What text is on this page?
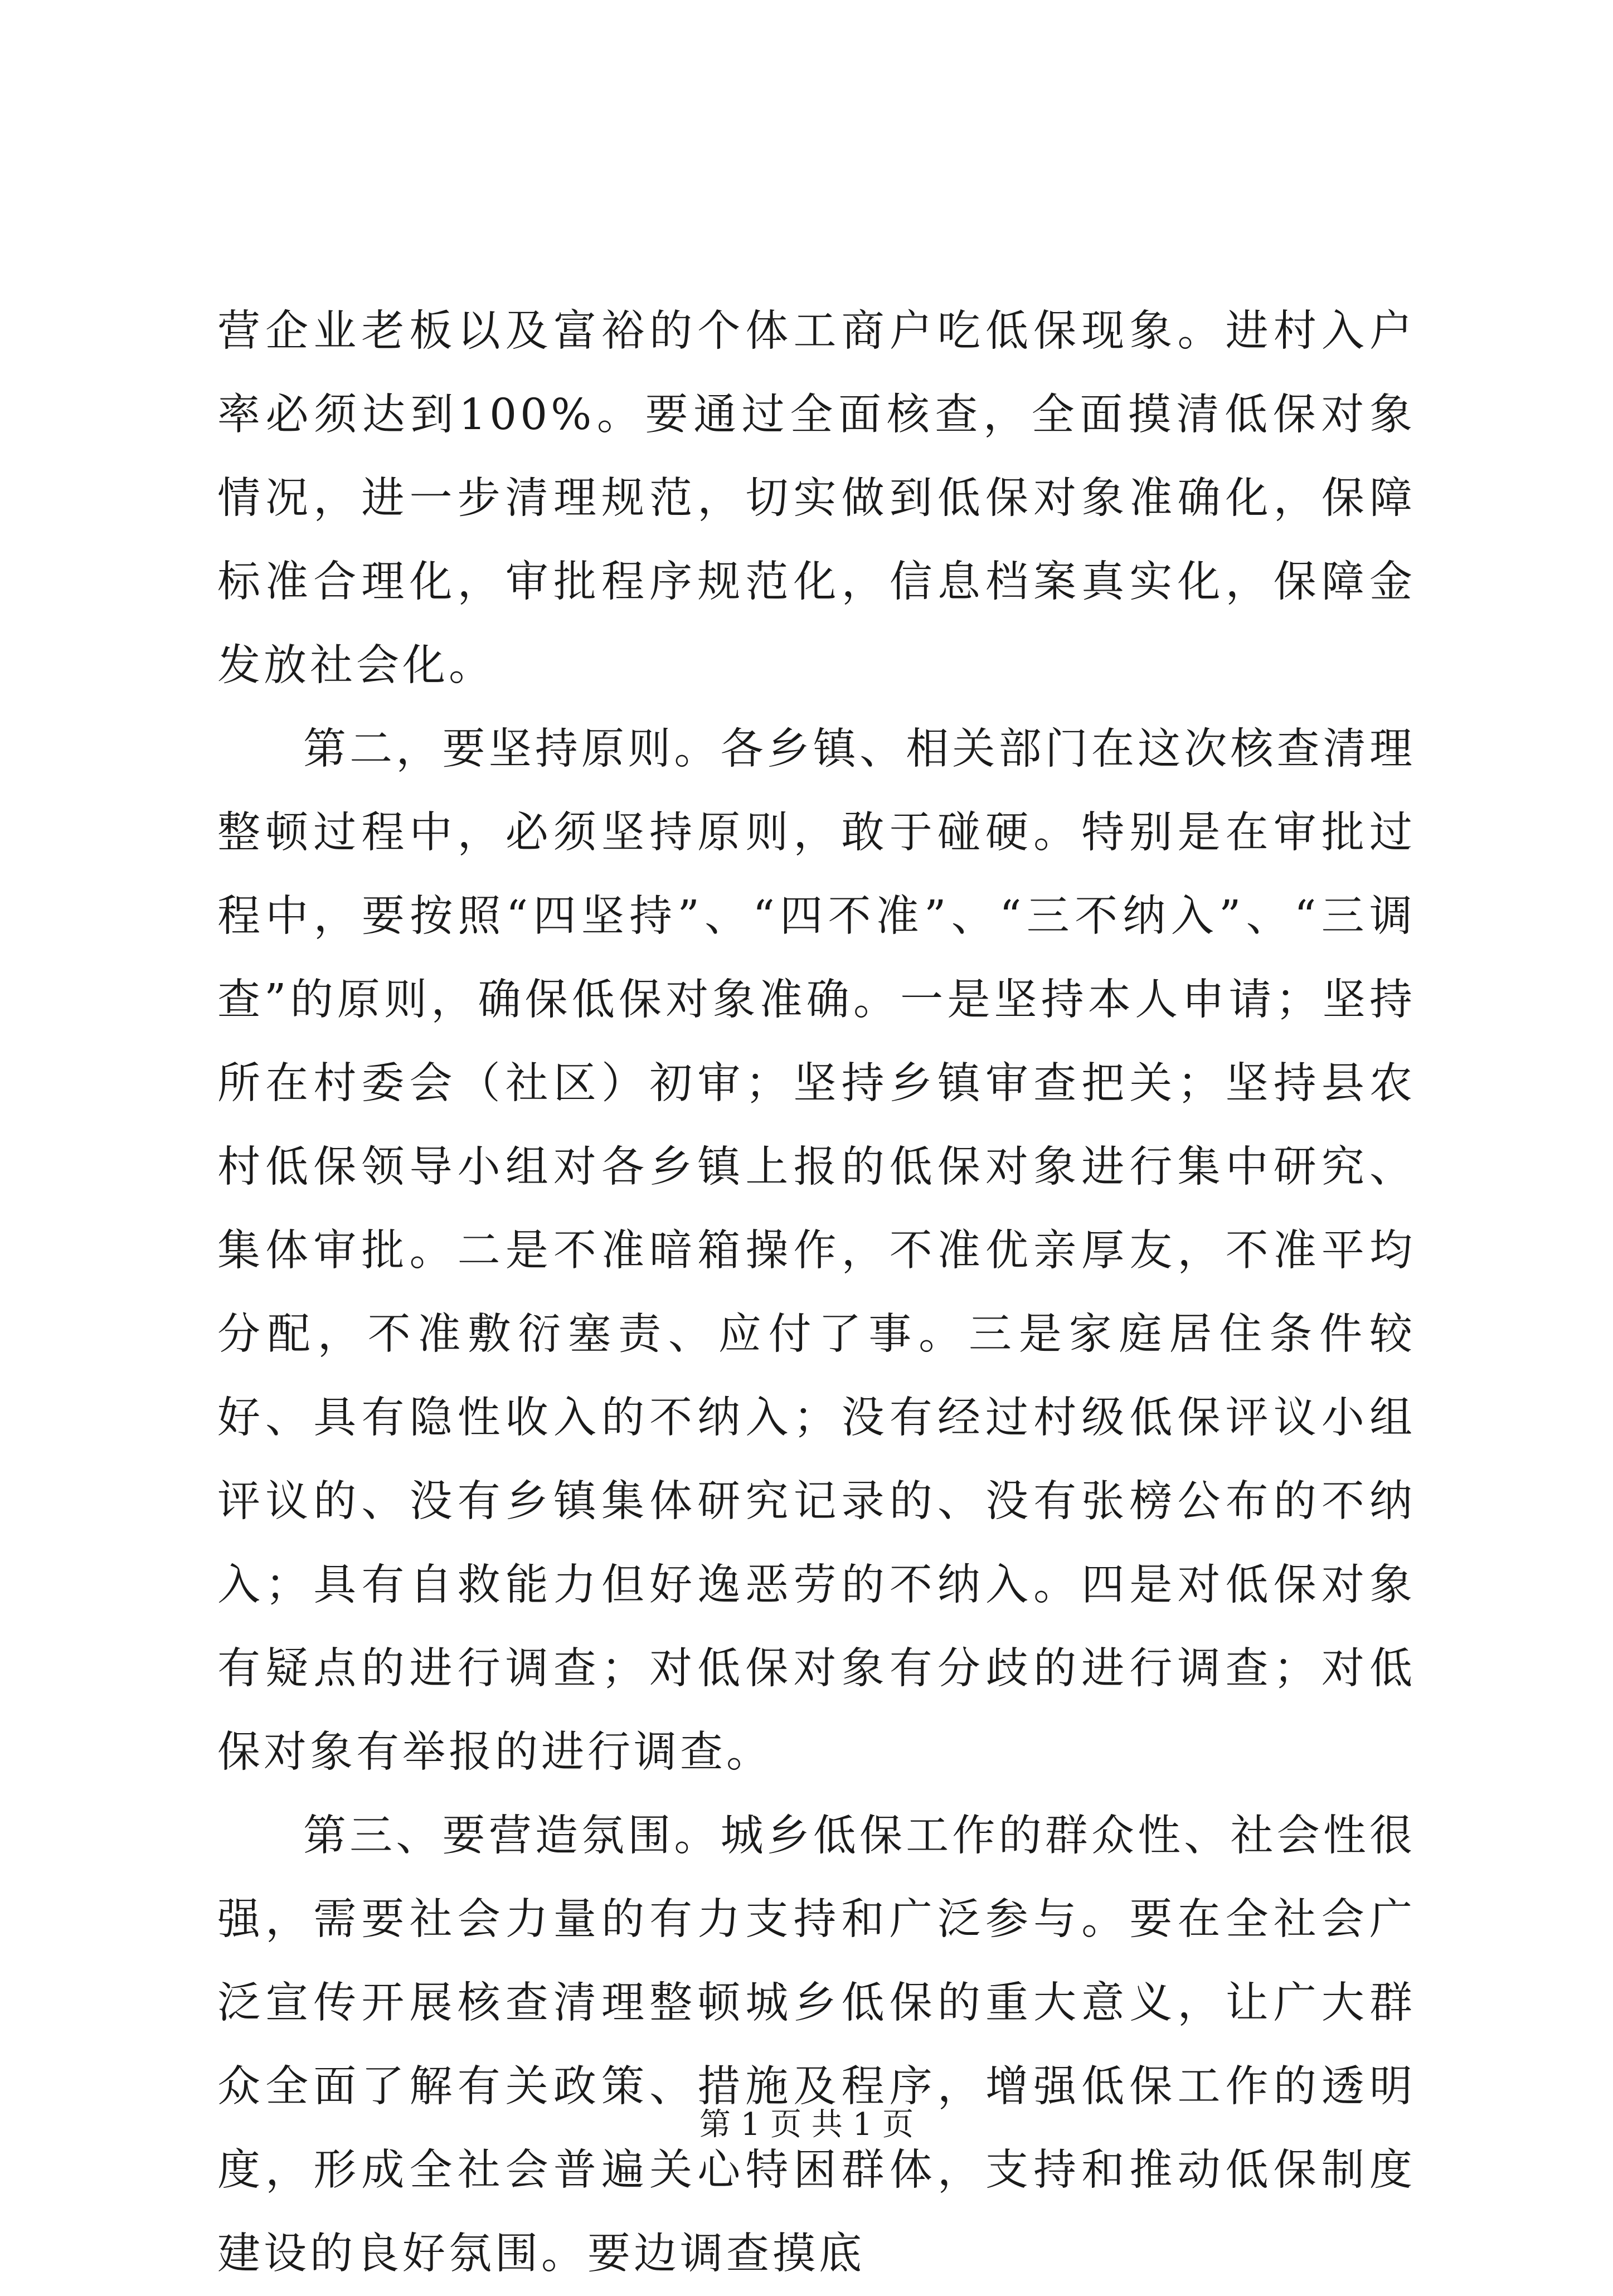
营企业老板以及富裕的个体工商户吃低保现象。进村入户率必须达到100%。要通过全面核查，全面摸清低保对象情况，进一步清理规范，切实做到低保对象准确化，保障标准合理化，审批程序规范化，信息档案真实化，保障金发放社会化。

第二，要坚持原则。各乡镇、相关部门在这次核查清理整顿过程中，必须坚持原则，敢于碰硬。特别是在审批过程中，要按照“四坚持”、“四不准”、“三不纳入”、“三调查”的原则，确保低保对象准确。一是坚持本人申请；坚持所在村委会（社区）初审；坚持乡镇审查把关；坚持县农村低保领导小组对各乡镇上报的低保对象进行集中研究、集体审批。二是不准暗箱操作，不准优亲厚友，不准平均分配，不准敷衍塞责、应付了事。三是家庭居住条件较好、具有隐性收入的不纳入；没有经过村级低保评议小组评议的、没有乡镇集体研究记录的、没有张榜公布的不纳入；具有自救能力但好逸恶劳的不纳入。四是对低保对象有疑点的进行调查；对低保对象有分歧的进行调查；对低保对象有举报的进行调查。

第三、要营造氛围。城乡低保工作的群众性、社会性很强，需要社会力量的有力支持和广泛参与。要在全社会广泛宣传开展核查清理整顿城乡低保的重大意义，让广大群众全面了解有关政策、措施及程序，增强低保工作的透明度，形成全社会普遍关心特困群体，支持和推动低保制度建设的良好氛围。要边调查摸底

第 1 页 共 1 页
